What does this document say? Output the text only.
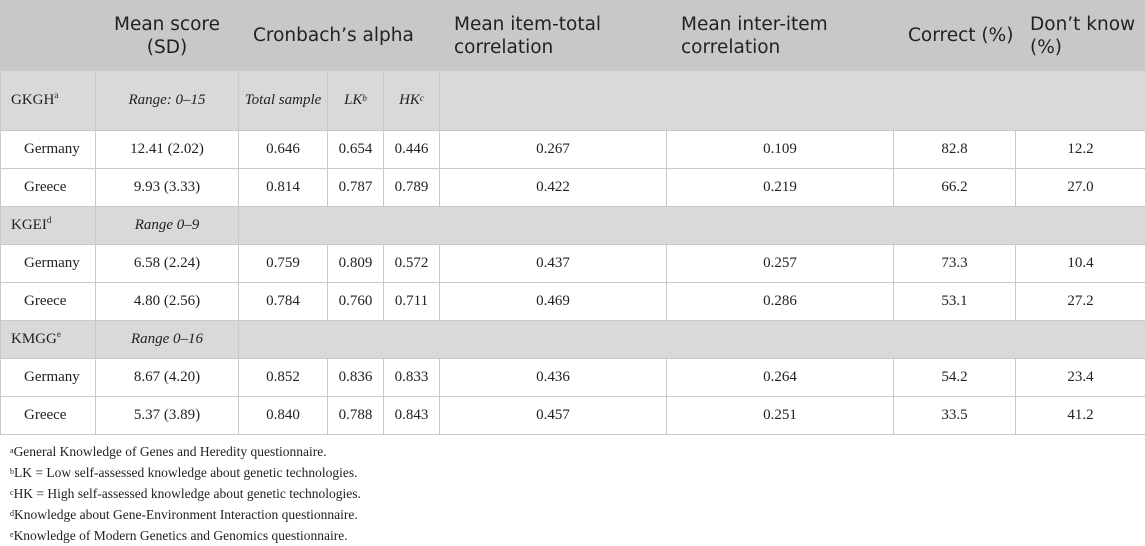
	Mean score (SD)	Cronbach’s alpha			Mean item-total correlation	Mean inter-item correlation	Correct (%)	Don’t know (%)
GKGH$^a$	Range: 0–15	Total sample	$LK^b$	$HK^c$	
Germany	12.41 (2.02)	0.646	0.654	0.446	0.267	0.109	82.8	12.2
Greece	9.93 (3.33)	0.814	0.787	0.789	0.422	0.219	66.2	27.0
KGEI$^d$	Range 0–9							
Germany	6.58 (2.24)	0.759	0.809	0.572	0.437	0.257	73.3	10.4
Greece	4.80 (2.56)	0.784	0.760	0.711	0.469	0.286	53.1	27.2
KMGG$^e$	Range 0–16							
Germany	8.67 (4.20)	0.852	0.836	0.833	0.436	0.264	54.2	23.4
Greece	5.37 (3.89)	0.840	0.788	0.843	0.457	0.251	33.5	41.2
$^a$General Knowledge of Genes and Heredity questionnaire.
$^b$LK = Low self-assessed knowledge about genetic technologies.
$^c$HK = High self-assessed knowledge about genetic technologies.
$^d$Knowledge about Gene-Environment Interaction questionnaire.
$^e$Knowledge of Modern Genetics and Genomics questionnaire.
